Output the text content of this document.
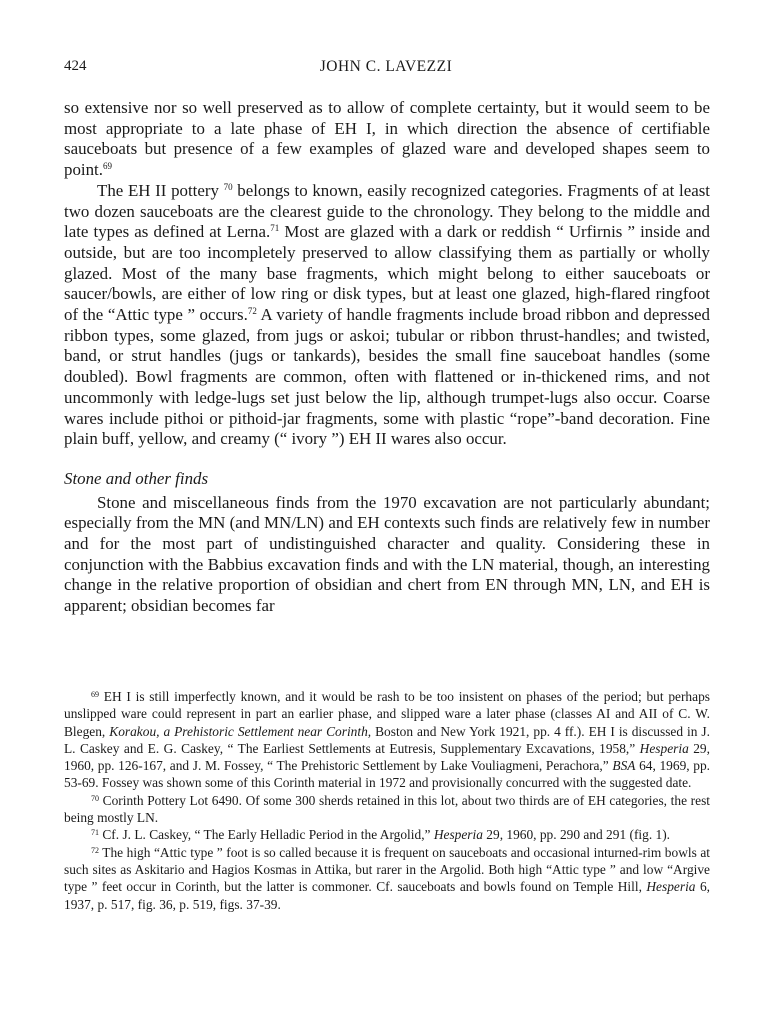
424	JOHN C. LAVEZZI

so extensive nor so well preserved as to allow of complete certainty, but it would seem to be most appropriate to a late phase of EH I, in which direction the absence of certifiable sauceboats but presence of a few examples of glazed ware and developed shapes seem to point.$^{69}$

The EH II pottery $^{70}$ belongs to known, easily recognized categories. Fragments of at least two dozen sauceboats are the clearest guide to the chronology. They belong to the middle and late types as defined at Lerna.$^{71}$ Most are glazed with a dark or reddish “ Urfirnis ” inside and outside, but are too incompletely preserved to allow classifying them as partially or wholly glazed. Most of the many base fragments, which might belong to either sauceboats or saucer/bowls, are either of low ring or disk types, but at least one glazed, high-flared ringfoot of the “Attic type ” occurs.$^{72}$ A variety of handle fragments include broad ribbon and depressed ribbon types, some glazed, from jugs or askoi; tubular or ribbon thrust-handles; and twisted, band, or strut handles (jugs or tankards), besides the small fine sauceboat handles (some doubled). Bowl fragments are common, often with flattened or in-thickened rims, and not uncommonly with ledge-lugs set just below the lip, although trumpet-lugs also occur. Coarse wares include pithoi or pithoid-jar fragments, some with plastic “rope”-band decoration. Fine plain buff, yellow, and creamy (“ ivory ”) EH II wares also occur.

Stone and other finds

Stone and miscellaneous finds from the 1970 excavation are not particularly abundant; especially from the MN (and MN/LN) and EH contexts such finds are relatively few in number and for the most part of undistinguished character and quality. Considering these in conjunction with the Babbius excavation finds and with the LN material, though, an interesting change in the relative proportion of obsidian and chert from EN through MN, LN, and EH is apparent; obsidian becomes far

$^{69}$ EH I is still imperfectly known, and it would be rash to be too insistent on phases of the period; but perhaps unslipped ware could represent in part an earlier phase, and slipped ware a later phase (classes AI and AII of C. W. Blegen, Korakou, a Prehistoric Settlement near Corinth, Boston and New York 1921, pp. 4 ff.). EH I is discussed in J. L. Caskey and E. G. Caskey, “ The Earliest Settlements at Eutresis, Supplementary Excavations, 1958,” Hesperia 29, 1960, pp. 126-167, and J. M. Fossey, “ The Prehistoric Settlement by Lake Vouliagmeni, Perachora,” BSA 64, 1969, pp. 53-69. Fossey was shown some of this Corinth material in 1972 and provisionally concurred with the suggested date.

$^{70}$ Corinth Pottery Lot 6490. Of some 300 sherds retained in this lot, about two thirds are of EH categories, the rest being mostly LN.

$^{71}$ Cf. J. L. Caskey, “ The Early Helladic Period in the Argolid,” Hesperia 29, 1960, pp. 290 and 291 (fig. 1).

$^{72}$ The high “Attic type ” foot is so called because it is frequent on sauceboats and occasional inturned-rim bowls at such sites as Askitario and Hagios Kosmas in Attika, but rarer in the Argolid. Both high “Attic type ” and low “Argive type ” feet occur in Corinth, but the latter is commoner. Cf. sauceboats and bowls found on Temple Hill, Hesperia 6, 1937, p. 517, fig. 36, p. 519, figs. 37-39.
